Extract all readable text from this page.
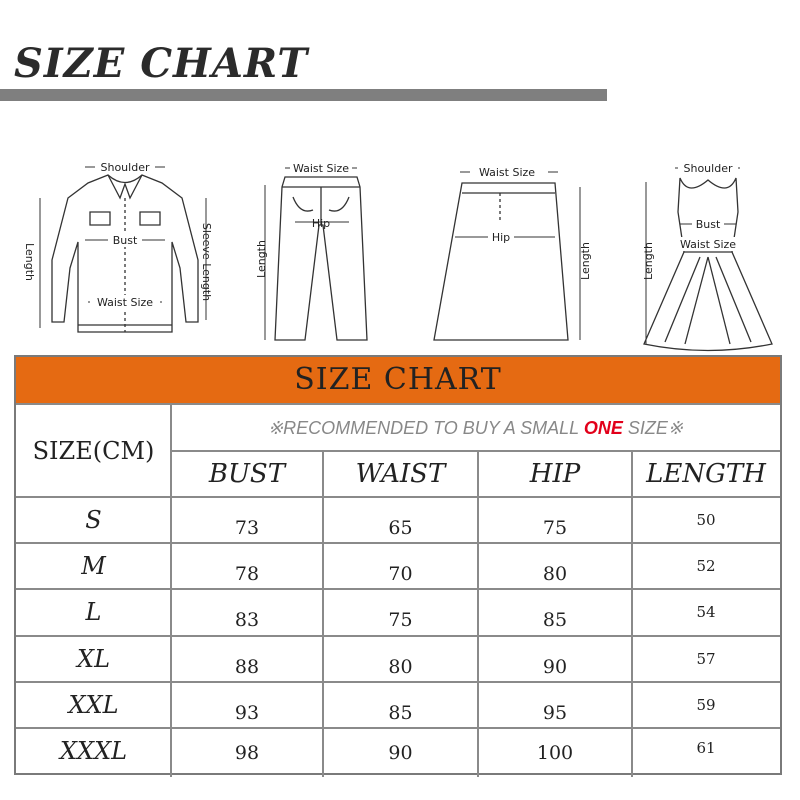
SIZE CHART
Shoulder
Bust
Waist Size
Length	Sleeve Length
Waist Size
Hip
Length
Waist Size
Hip
Length
Shoulder
Bust
Waist Size
Length
SIZE CHART
※RECOMMENDED TO BUY A SMALL ONE SIZE※
SIZE(CM)
BUST	WAIST	HIP	LENGTH
S	73	65	75	50
M	78	70	80	52
L	83	75	85	54
XL	88	80	90	57
XXL	93	85	95	59
XXXL	98	90	100	61
